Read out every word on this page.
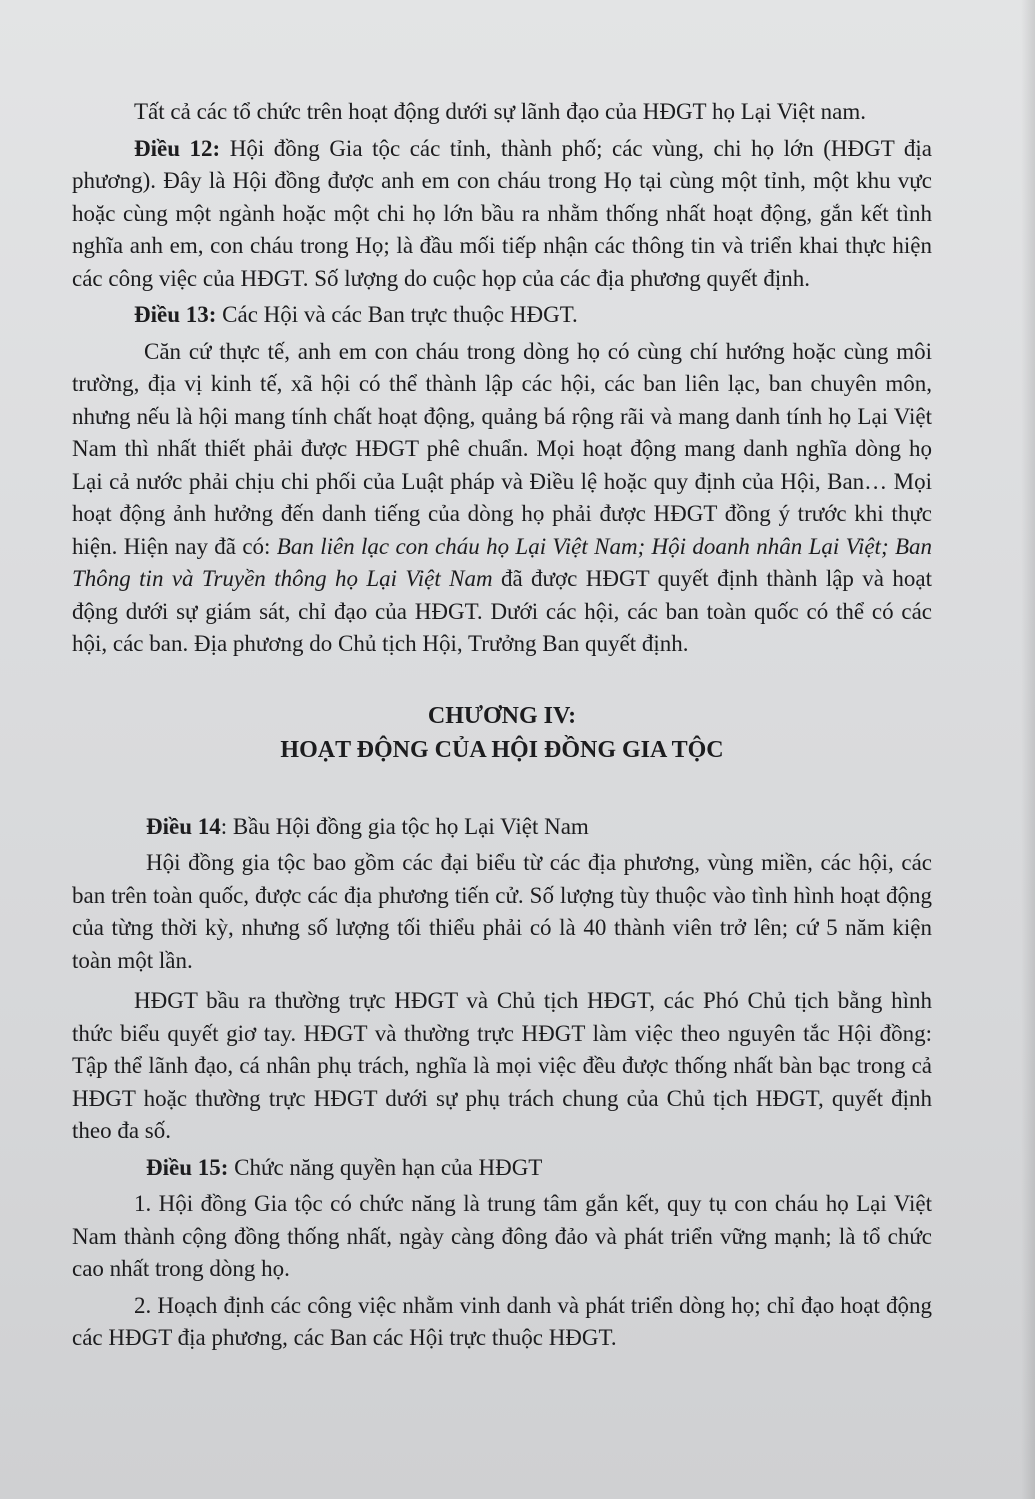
Tất cả các tổ chức trên hoạt động dưới sự lãnh đạo của HĐGT họ Lại Việt nam.

Điều 12: Hội đồng Gia tộc các tỉnh, thành phố; các vùng, chi họ lớn (HĐGT địa phương). Đây là Hội đồng được anh em con cháu trong Họ tại cùng một tỉnh, một khu vực hoặc cùng một ngành hoặc một chi họ lớn bầu ra nhằm thống nhất hoạt động, gắn kết tình nghĩa anh em, con cháu trong Họ; là đầu mối tiếp nhận các thông tin và triển khai thực hiện các công việc của HĐGT. Số lượng do cuộc họp của các địa phương quyết định.

Điều 13: Các Hội và các Ban trực thuộc HĐGT.

Căn cứ thực tế, anh em con cháu trong dòng họ có cùng chí hướng hoặc cùng môi trường, địa vị kinh tế, xã hội có thể thành lập các hội, các ban liên lạc, ban chuyên môn, nhưng nếu là hội mang tính chất hoạt động, quảng bá rộng rãi và mang danh tính họ Lại Việt Nam thì nhất thiết phải được HĐGT phê chuẩn. Mọi hoạt động mang danh nghĩa dòng họ Lại cả nước phải chịu chi phối của Luật pháp và Điều lệ hoặc quy định của Hội, Ban… Mọi hoạt động ảnh hưởng đến danh tiếng của dòng họ phải được HĐGT đồng ý trước khi thực hiện. Hiện nay đã có: Ban liên lạc con cháu họ Lại Việt Nam; Hội doanh nhân Lại Việt; Ban Thông tin và Truyền thông họ Lại Việt Nam đã được HĐGT quyết định thành lập và hoạt động dưới sự giám sát, chỉ đạo của HĐGT. Dưới các hội, các ban toàn quốc có thể có các hội, các ban. Địa phương do Chủ tịch Hội, Trưởng Ban quyết định.

CHƯƠNG IV:
HOẠT ĐỘNG CỦA HỘI ĐỒNG GIA TỘC

Điều 14: Bầu Hội đồng gia tộc họ Lại Việt Nam

Hội đồng gia tộc bao gồm các đại biểu từ các địa phương, vùng miền, các hội, các ban trên toàn quốc, được các địa phương tiến cử. Số lượng tùy thuộc vào tình hình hoạt động của từng thời kỳ, nhưng số lượng tối thiểu phải có là 40 thành viên trở lên; cứ 5 năm kiện toàn một lần.

HĐGT bầu ra thường trực HĐGT và Chủ tịch HĐGT, các Phó Chủ tịch bằng hình thức biểu quyết giơ tay. HĐGT và thường trực HĐGT làm việc theo nguyên tắc Hội đồng: Tập thể lãnh đạo, cá nhân phụ trách, nghĩa là mọi việc đều được thống nhất bàn bạc trong cả HĐGT hoặc thường trực HĐGT dưới sự phụ trách chung của Chủ tịch HĐGT, quyết định theo đa số.

Điều 15: Chức năng quyền hạn của HĐGT

1. Hội đồng Gia tộc có chức năng là trung tâm gắn kết, quy tụ con cháu họ Lại Việt Nam thành cộng đồng thống nhất, ngày càng đông đảo và phát triển vững mạnh; là tổ chức cao nhất trong dòng họ.

2. Hoạch định các công việc nhằm vinh danh và phát triển dòng họ; chỉ đạo hoạt động các HĐGT địa phương, các Ban các Hội trực thuộc HĐGT.
